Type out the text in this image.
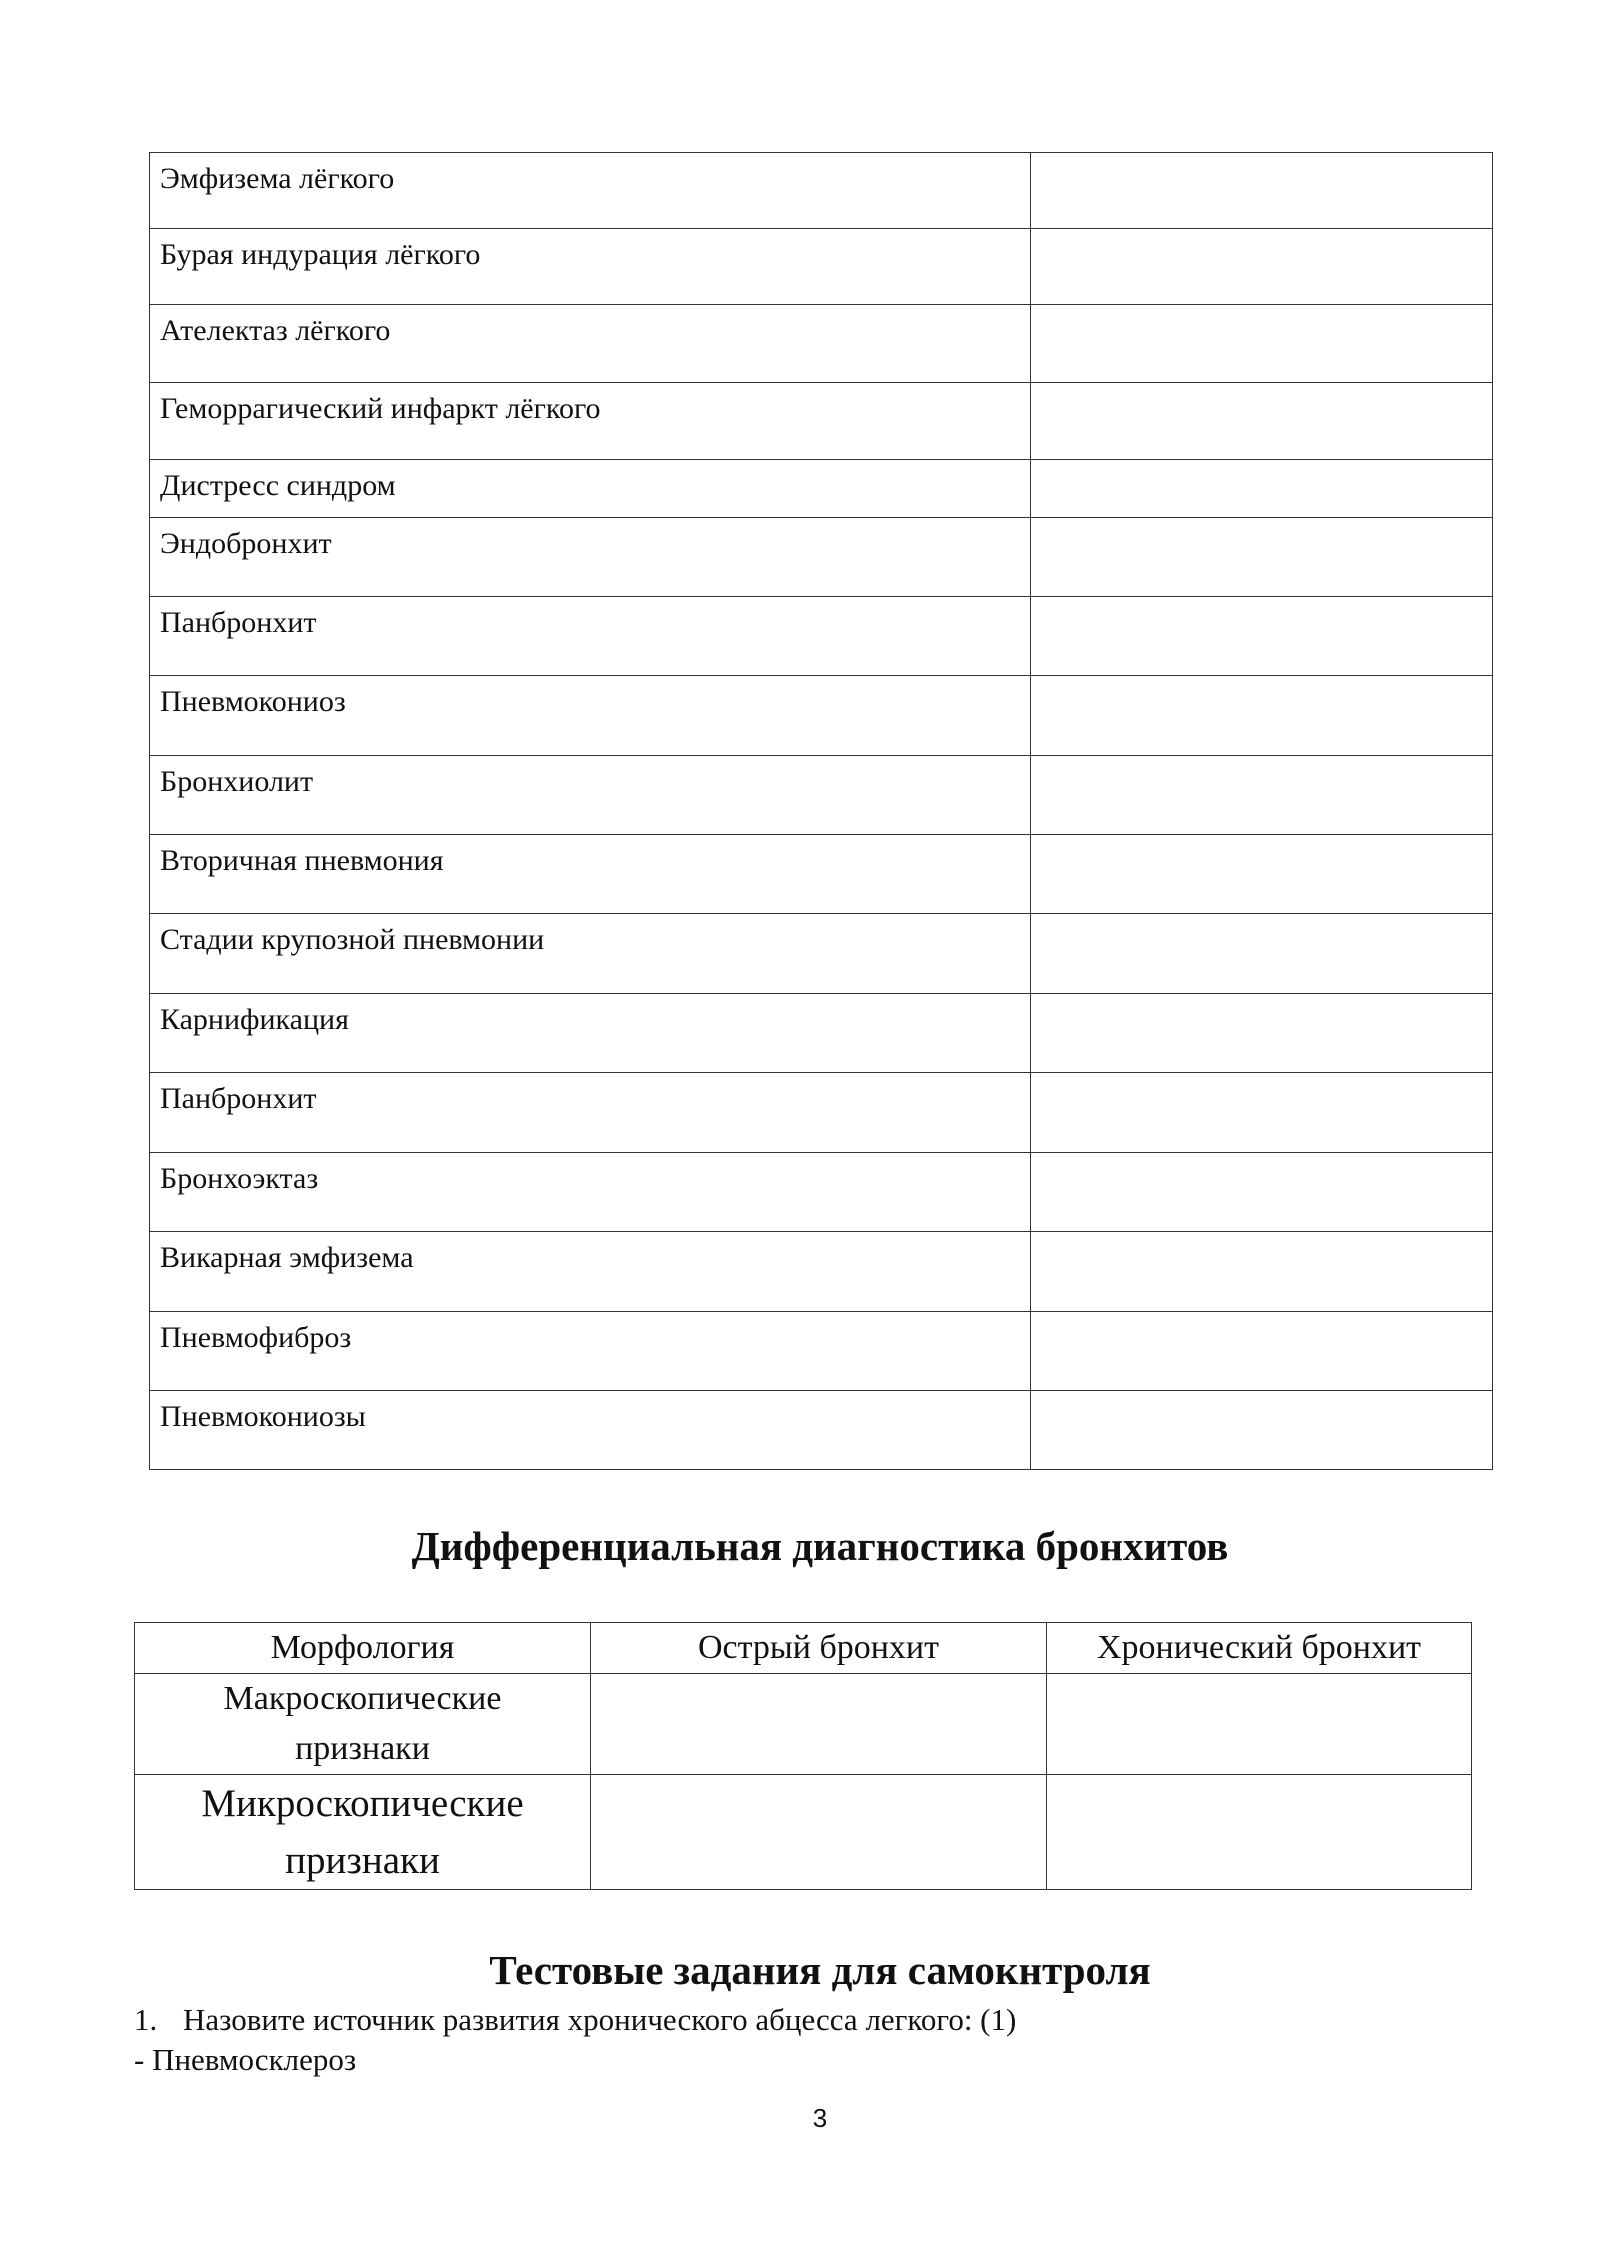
Эмфизема лёгкого	
Бурая индурация лёгкого	
Ателектаз лёгкого	
Геморрагический инфаркт лёгкого	
Дистресс синдром	
Эндобронхит	
Панбронхит	
Пневмокониоз	
Бронхиолит	
Вторичная пневмония	
Стадии крупозной пневмонии	
Карнификация	
Панбронхит	
Бронхоэктаз	
Викарная эмфизема	
Пневмофиброз	
Пневмокониозы	
Дифференциальная диагностика бронхитов
Морфология	Острый бронхит	Хронический бронхит
Макроскопические
признаки		
Микроскопические
признаки		
Тестовые задания для самокнтроля
1. Назовите источник развития хронического абцесса легкого: (1)
- Пневмосклероз
3
